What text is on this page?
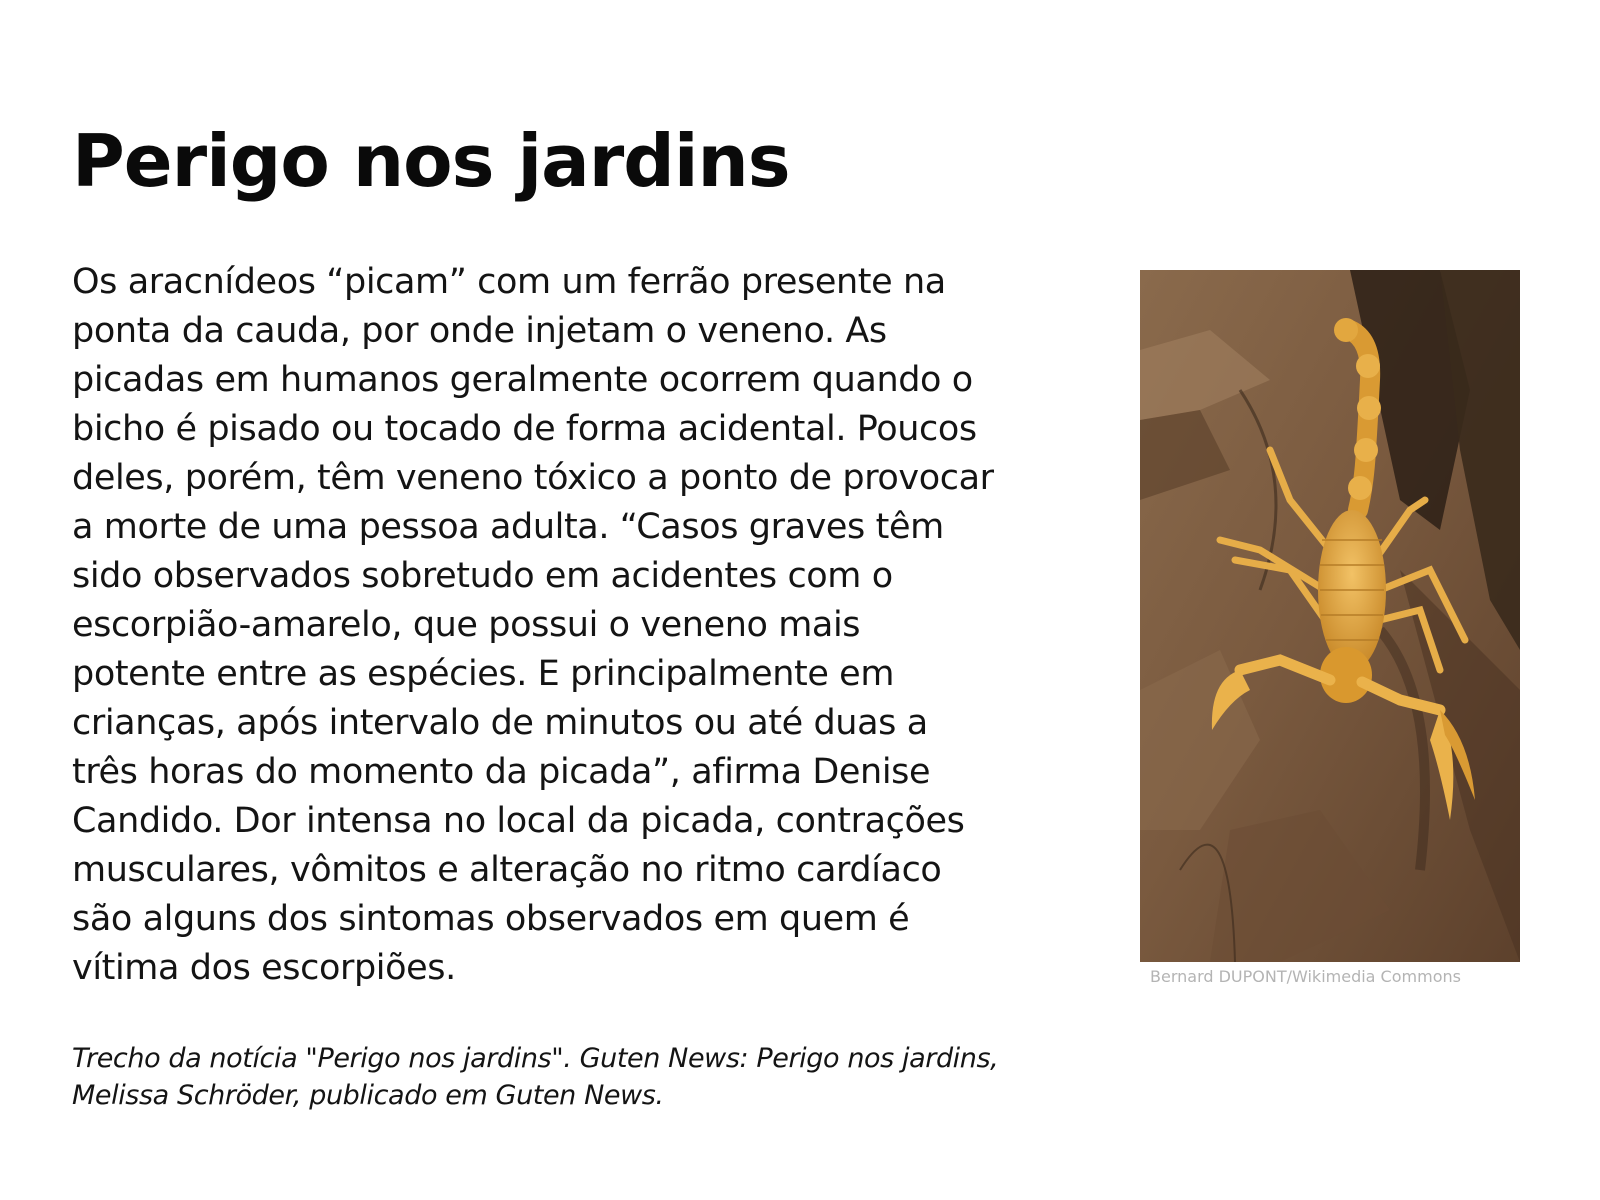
Perigo nos jardins
Os aracnídeos “picam” com um ferrão presente na
ponta da cauda, por onde injetam o veneno. As
picadas em humanos geralmente ocorrem quando o
bicho é pisado ou tocado de forma acidental. Poucos
deles, porém, têm veneno tóxico a ponto de provocar
a morte de uma pessoa adulta. “Casos graves têm
sido observados sobretudo em acidentes com o
escorpião-amarelo, que possui o veneno mais
potente entre as espécies. E principalmente em
crianças, após intervalo de minutos ou até duas a
três horas do momento da picada”, afirma Denise
Candido. Dor intensa no local da picada, contrações
musculares, vômitos e alteração no ritmo cardíaco
são alguns dos sintomas observados em quem é
vítima dos escorpiões.
Trecho da notícia "Perigo nos jardins". Guten News: Perigo nos jardins,
Melissa Schröder, publicado em Guten News.
Bernard DUPONT/Wikimedia Commons
